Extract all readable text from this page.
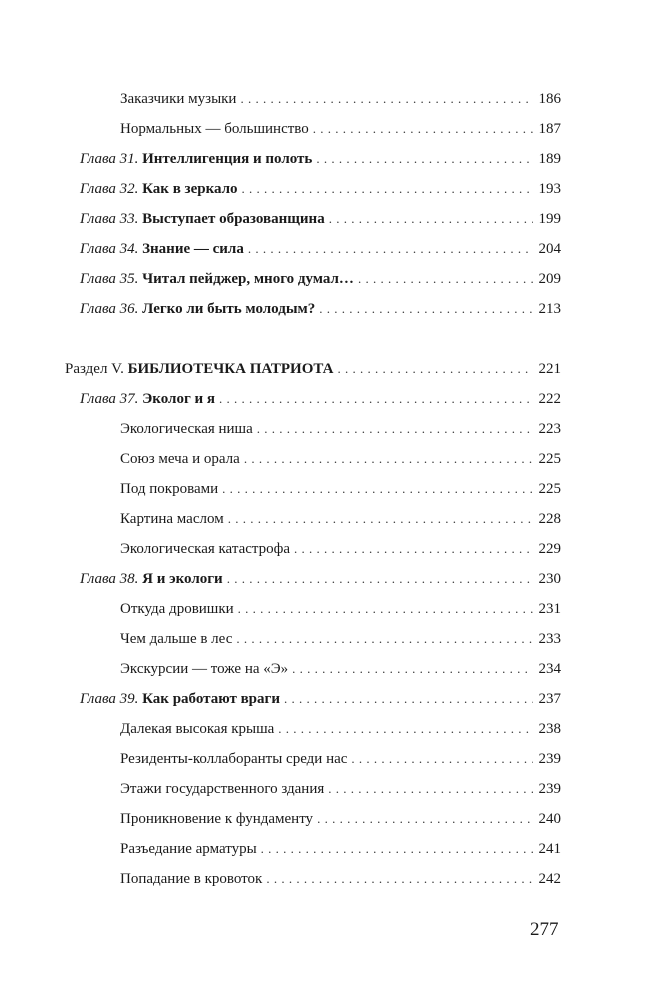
Заказчики музыки . . .	186
Нормальных — большинство . . .	187
Глава 31. Интеллигенция и полоть . . .	189
Глава 32. Как в зеркало . . .	193
Глава 33. Выступает образованщина . . .	199
Глава 34. Знание — сила . . .	204
Глава 35. Читал пейджер, много думал… . . .	209
Глава 36. Легко ли быть молодым? . . .	213
Раздел V. БИБЛИОТЕЧКА ПАТРИОТА . . .	221
Глава 37. Эколог и я . . .	222
Экологическая ниша . . .	223
Союз меча и орала . . .	225
Под покровами . . .	225
Картина маслом . . .	228
Экологическая катастрофа . . .	229
Глава 38. Я и экологи . . .	230
Откуда дровишки . . .	231
Чем дальше в лес . . .	233
Экскурсии — тоже на «Э» . . .	234
Глава 39. Как работают враги . . .	237
Далекая высокая крыша . . .	238
Резиденты-коллаборанты среди нас . . .	239
Этажи государственного здания . . .	239
Проникновение к фундаменту . . .	240
Разъедание арматуры . . .	241
Попадание в кровоток . . .	242
277
